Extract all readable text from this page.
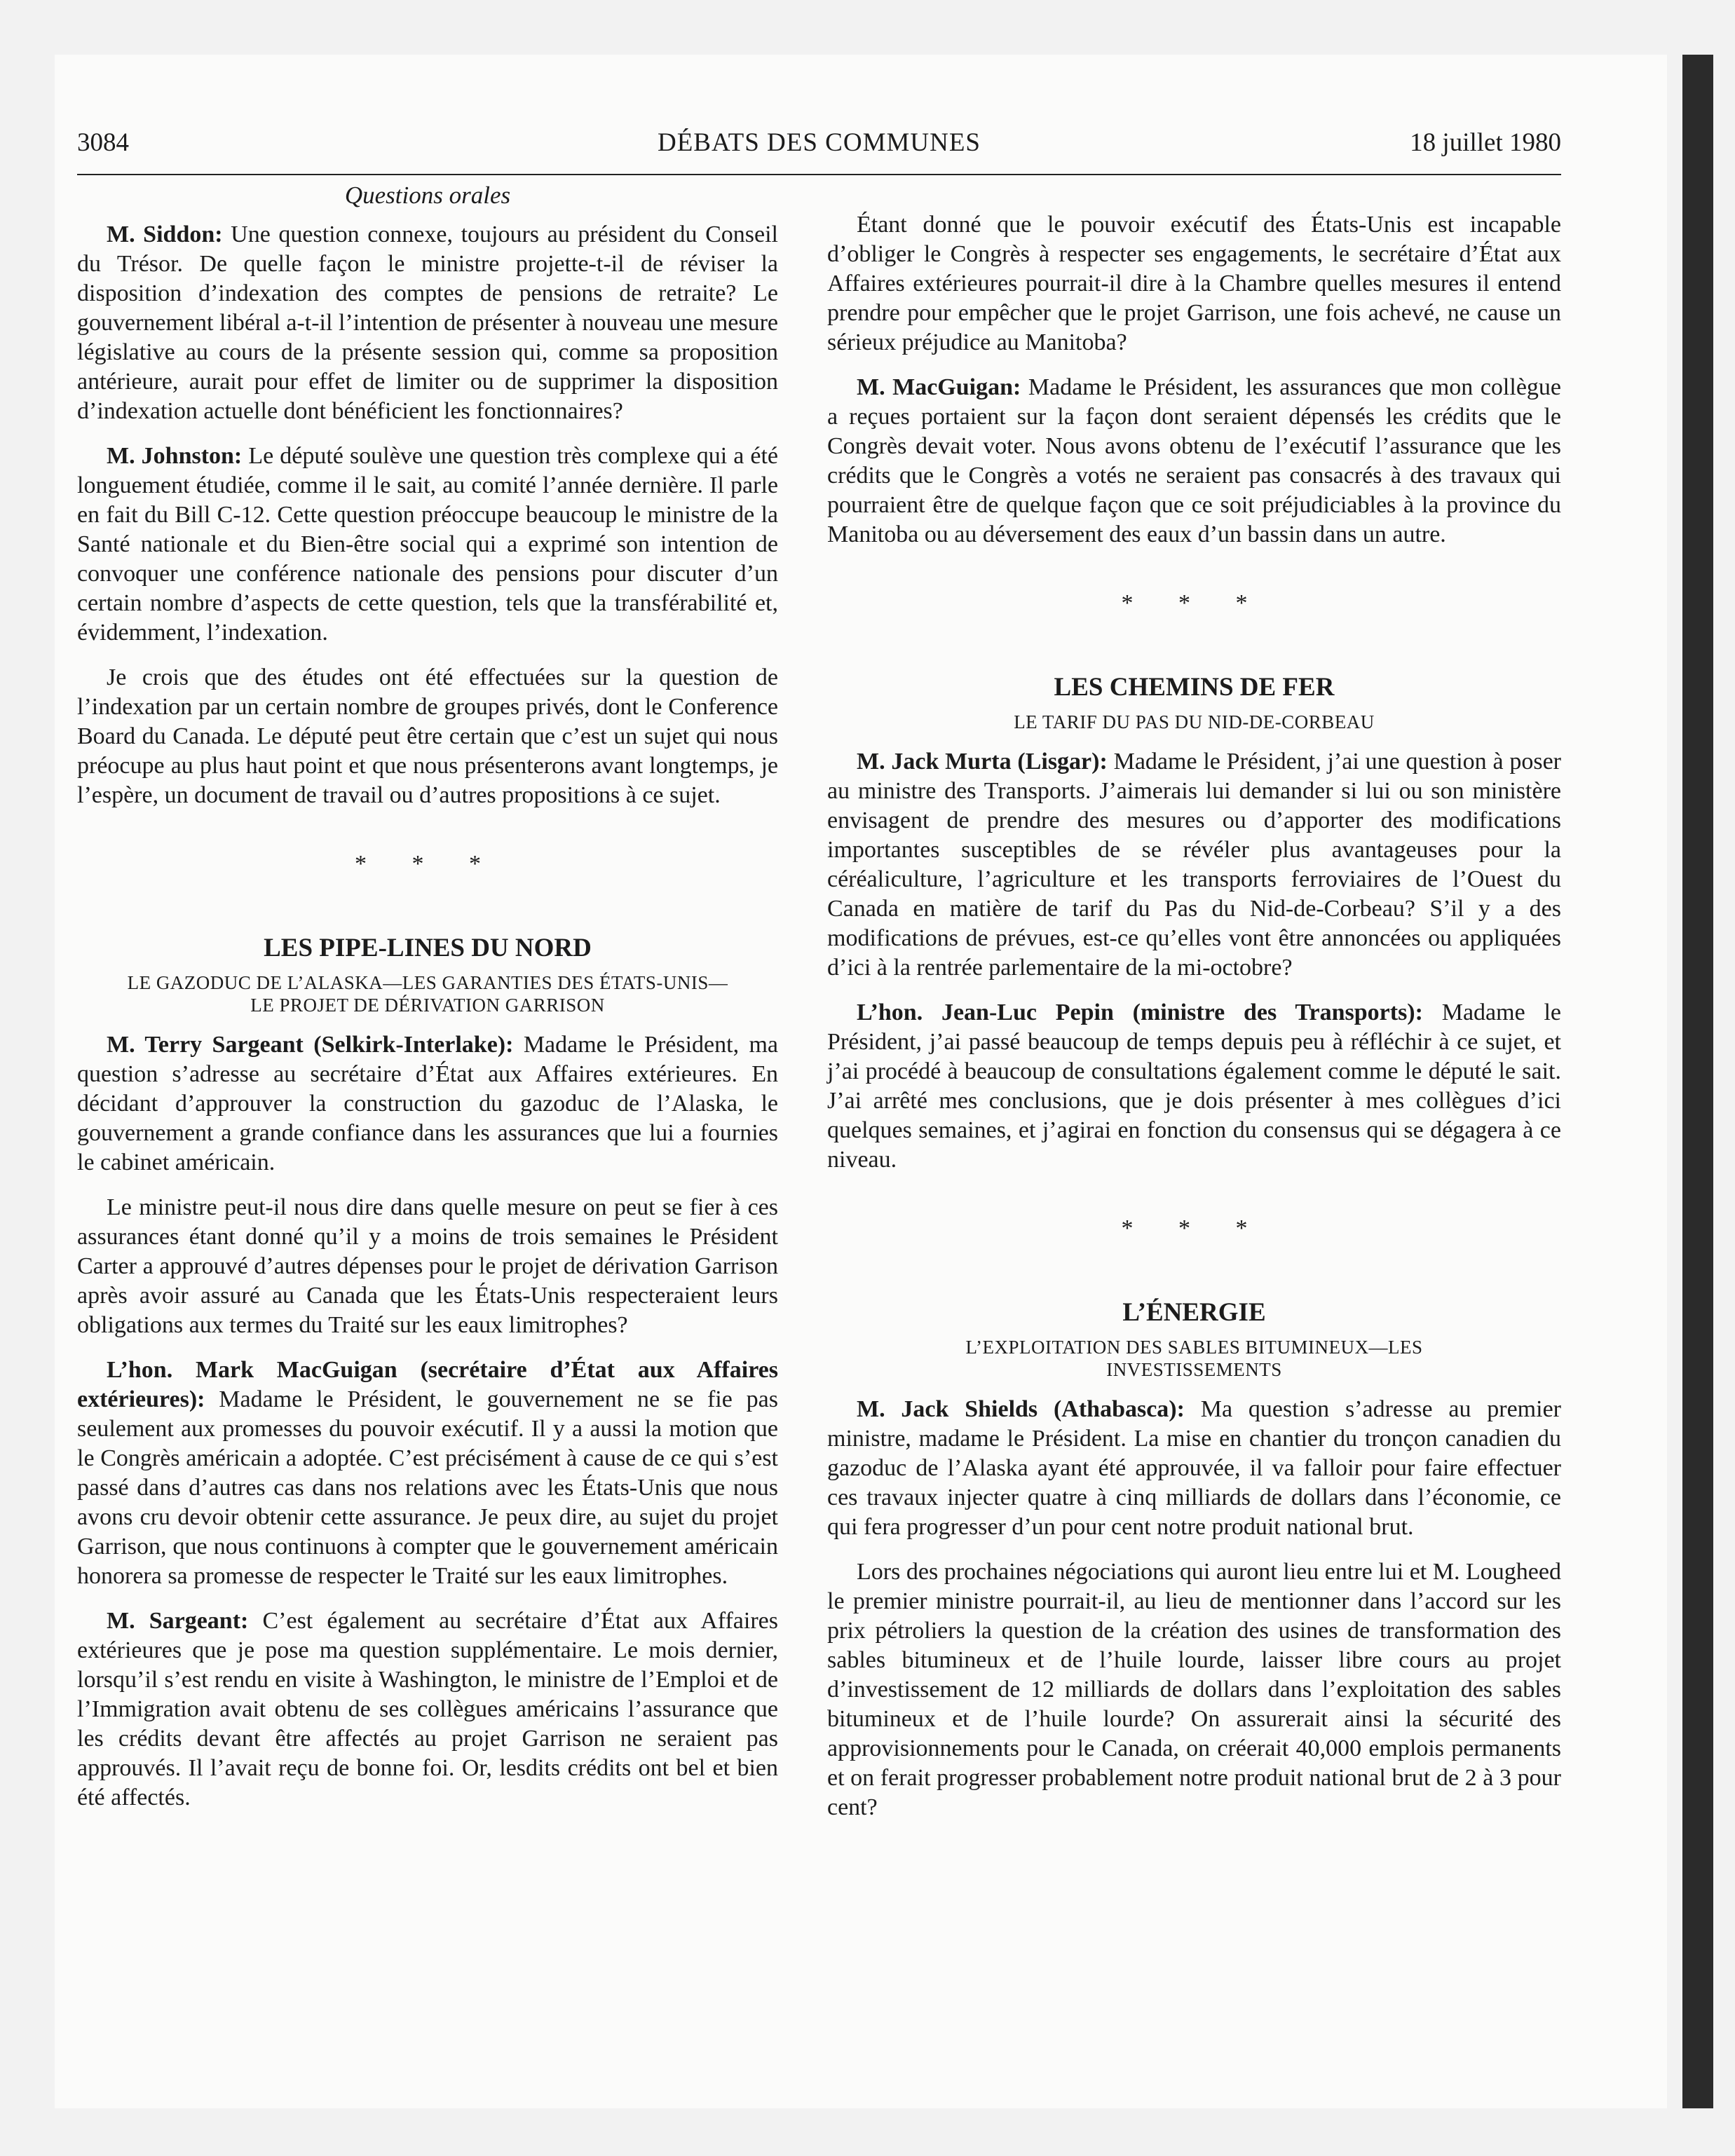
3084	DÉBATS DES COMMUNES	18 juillet 1980
Questions orales

M. Siddon: Une question connexe, toujours au président du Conseil du Trésor. De quelle façon le ministre projette-t-il de réviser la disposition d’indexation des comptes de pensions de retraite? Le gouvernement libéral a-t-il l’intention de présenter à nouveau une mesure législative au cours de la présente session qui, comme sa proposition antérieure, aurait pour effet de limiter ou de supprimer la disposition d’indexation actuelle dont bénéficient les fonctionnaires?

M. Johnston: Le député soulève une question très complexe qui a été longuement étudiée, comme il le sait, au comité l’année dernière. Il parle en fait du Bill C-12. Cette question préoccupe beaucoup le ministre de la Santé nationale et du Bien-être social qui a exprimé son intention de convoquer une conférence nationale des pensions pour discuter d’un certain nombre d’aspects de cette question, tels que la transférabilité et, évidemment, l’indexation.

Je crois que des études ont été effectuées sur la question de l’indexation par un certain nombre de groupes privés, dont le Conference Board du Canada. Le député peut être certain que c’est un sujet qui nous préocupe au plus haut point et que nous présenterons avant longtemps, je l’espère, un document de travail ou d’autres propositions à ce sujet.

* * *
LES PIPE-LINES DU NORD
LE GAZODUC DE L’ALASKA—LES GARANTIES DES ÉTATS-UNIS—
LE PROJET DE DÉRIVATION GARRISON

M. Terry Sargeant (Selkirk-Interlake): Madame le Président, ma question s’adresse au secrétaire d’État aux Affaires extérieures. En décidant d’approuver la construction du gazoduc de l’Alaska, le gouvernement a grande confiance dans les assurances que lui a fournies le cabinet américain.

Le ministre peut-il nous dire dans quelle mesure on peut se fier à ces assurances étant donné qu’il y a moins de trois semaines le Président Carter a approuvé d’autres dépenses pour le projet de dérivation Garrison après avoir assuré au Canada que les États-Unis respecteraient leurs obligations aux termes du Traité sur les eaux limitrophes?

L’hon. Mark MacGuigan (secrétaire d’État aux Affaires extérieures): Madame le Président, le gouvernement ne se fie pas seulement aux promesses du pouvoir exécutif. Il y a aussi la motion que le Congrès américain a adoptée. C’est précisément à cause de ce qui s’est passé dans d’autres cas dans nos relations avec les États-Unis que nous avons cru devoir obtenir cette assurance. Je peux dire, au sujet du projet Garrison, que nous continuons à compter que le gouvernement américain honorera sa promesse de respecter le Traité sur les eaux limitrophes.

M. Sargeant: C’est également au secrétaire d’État aux Affaires extérieures que je pose ma question supplémentaire. Le mois dernier, lorsqu’il s’est rendu en visite à Washington, le ministre de l’Emploi et de l’Immigration avait obtenu de ses collègues américains l’assurance que les crédits devant être affectés au projet Garrison ne seraient pas approuvés. Il l’avait reçu de bonne foi. Or, lesdits crédits ont bel et bien été affectés.

Étant donné que le pouvoir exécutif des États-Unis est incapable d’obliger le Congrès à respecter ses engagements, le secrétaire d’État aux Affaires extérieures pourrait-il dire à la Chambre quelles mesures il entend prendre pour empêcher que le projet Garrison, une fois achevé, ne cause un sérieux préjudice au Manitoba?

M. MacGuigan: Madame le Président, les assurances que mon collègue a reçues portaient sur la façon dont seraient dépensés les crédits que le Congrès devait voter. Nous avons obtenu de l’exécutif l’assurance que les crédits que le Congrès a votés ne seraient pas consacrés à des travaux qui pourraient être de quelque façon que ce soit préjudiciables à la province du Manitoba ou au déversement des eaux d’un bassin dans un autre.

* * *
LES CHEMINS DE FER
LE TARIF DU PAS DU NID-DE-CORBEAU

M. Jack Murta (Lisgar): Madame le Président, j’ai une question à poser au ministre des Transports. J’aimerais lui demander si lui ou son ministère envisagent de prendre des mesures ou d’apporter des modifications importantes susceptibles de se révéler plus avantageuses pour la céréaliculture, l’agriculture et les transports ferroviaires de l’Ouest du Canada en matière de tarif du Pas du Nid-de-Corbeau? S’il y a des modifications de prévues, est-ce qu’elles vont être annoncées ou appliquées d’ici à la rentrée parlementaire de la mi-octobre?

L’hon. Jean-Luc Pepin (ministre des Transports): Madame le Président, j’ai passé beaucoup de temps depuis peu à réfléchir à ce sujet, et j’ai procédé à beaucoup de consultations également comme le député le sait. J’ai arrêté mes conclusions, que je dois présenter à mes collègues d’ici quelques semaines, et j’agirai en fonction du consensus qui se dégagera à ce niveau.

* * *
L’ÉNERGIE
L’EXPLOITATION DES SABLES BITUMINEUX—LES
INVESTISSEMENTS

M. Jack Shields (Athabasca): Ma question s’adresse au premier ministre, madame le Président. La mise en chantier du tronçon canadien du gazoduc de l’Alaska ayant été approuvée, il va falloir pour faire effectuer ces travaux injecter quatre à cinq milliards de dollars dans l’économie, ce qui fera progresser d’un pour cent notre produit national brut.

Lors des prochaines négociations qui auront lieu entre lui et M. Lougheed le premier ministre pourrait-il, au lieu de mentionner dans l’accord sur les prix pétroliers la question de la création des usines de transformation des sables bitumineux et de l’huile lourde, laisser libre cours au projet d’investissement de 12 milliards de dollars dans l’exploitation des sables bitumineux et de l’huile lourde? On assurerait ainsi la sécurité des approvisionnements pour le Canada, on créerait 40,000 emplois permanents et on ferait progresser probablement notre produit national brut de 2 à 3 pour cent?
